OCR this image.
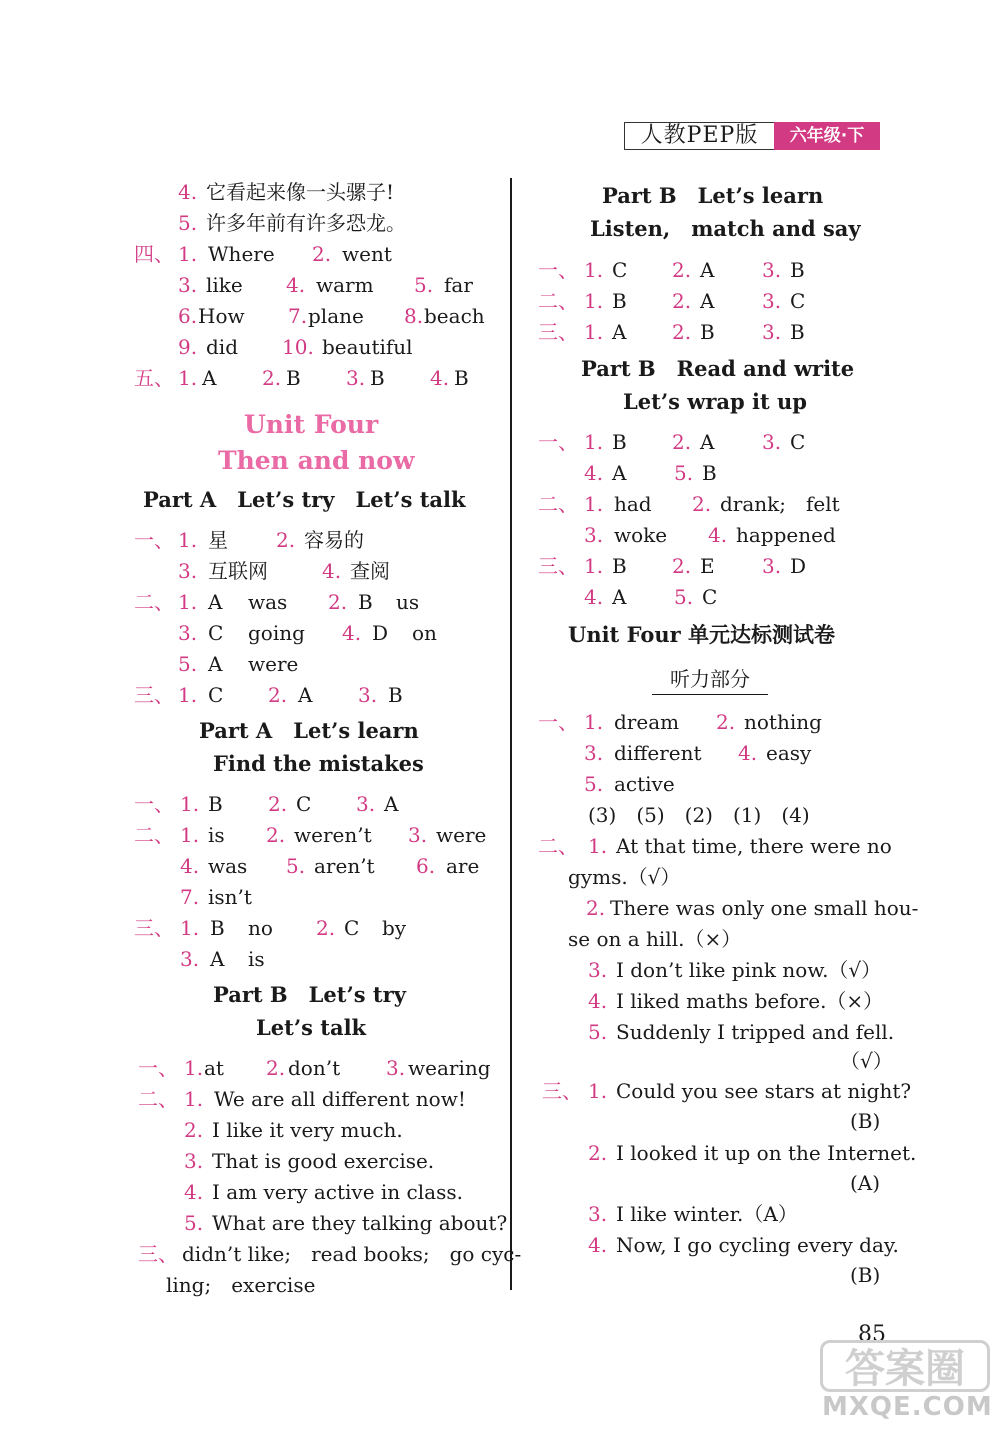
人教PEP版	六年级·下
4. 它看起来像一头骡子!
5. 许多年前有许多恐龙。
四、 1. Where 2. went
3. like 4. warm 5. far
6. How 7. plane 8. beach
9. did 10. beautiful
五、 1. A 2. B 3. B 4. B
Unit Four
Then and now
Part A　Let’s try　Let’s talk
一、 1. 星 2. 容易的
3. 互联网	4. 查阅
二、 1. A was 2. B us
3. C going 4. D on
5. A were
三、 1. C 2. A 3. B
Part A　Let’s learn
Find the mistakes
一、 1. B 2. C 3. A
二、 1. is 2. weren’t 3. were
4. was 5. aren’t 6. are
7. isn’t
三、 1. B no 2. C by
3. A is
Part B　Let’s try
Let’s talk
一、 1. at 2. don’t 3. wearing
二、 1. We are all different now!
2. I like it very much.
3. That is good exercise.
4. I am very active in class.
5. What are they talking about?
三、 didn’t like;　read books;　go cyc-
ling;　exercise
Part B　Let’s learn
Listen,　match and say
一、 1. C 2. A 3. B
二、 1. B 2. A 3. C
三、 1. A 2. B 3. B
Part B　Read and write
Let’s wrap it up
一、 1. B 2. A 3. C
4. A 5. B
二、 1. had 2. drank;　felt
3. woke 4. happened
三、 1. B 2. E 3. D
4. A 5. C
Unit Four 单元达标测试卷
听力部分
一、 1. dream 2. nothing
3. different 4. easy
5. active
(3)　(5)　(2)　(1)　(4)
二、 1. At that time, there were no
gyms.（√）
2. There was only one small hou-
se on a hill.（×）
3. I don’t like pink now.（√）
4. I liked maths before.（×）
5. Suddenly I tripped and fell.
（√）
三、 1. Could you see stars at night?
(B)
2. I looked it up on the Internet.
(A)
3. I like winter.（A）
4. Now, I go cycling every day.
(B)
85
答案圈
MXQE.COM
